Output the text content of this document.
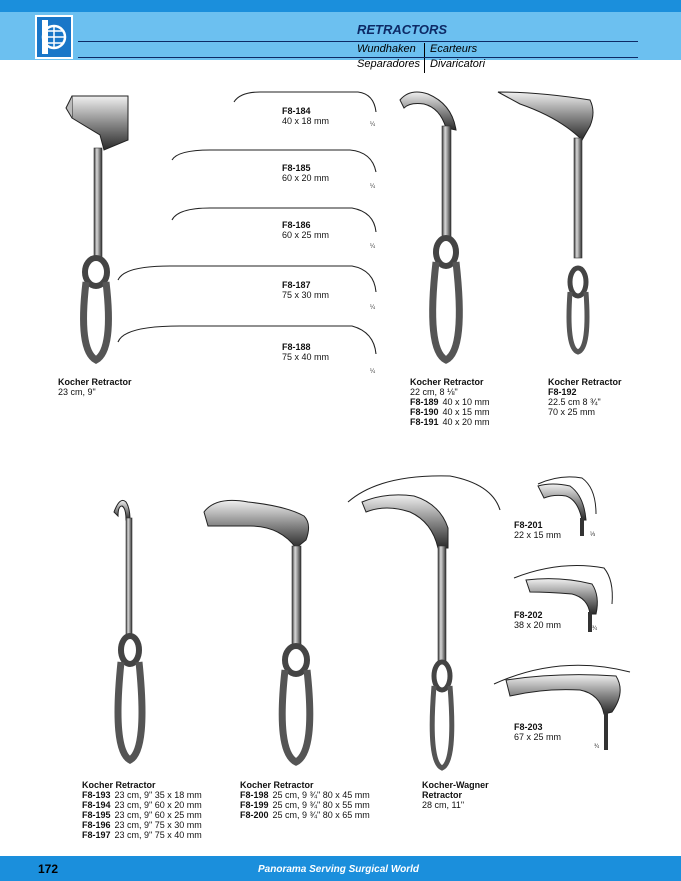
RETRACTORS
Wundhaken Ecarteurs
Separadores Divaricatori
F8-184
40 x 18 mm	¼
F8-185
60 x 20 mm
¼
F8-186
60 x 25 mm
¼
F8-187
75 x 30 mm
¼
F8-188
75 x 40 mm
¼
Kocher Retractor
23 cm, 9"
Kocher Retractor
22 cm, 8 ⅛"
F8-189 40 x 10 mm
F8-190 40 x 15 mm
F8-191 40 x 20 mm
Kocher Retractor
F8-192
22.5 cm 8 ¾"
70 x 25 mm
Kocher Retractor
F8-193 23 cm, 9" 35 x 18 mm
F8-194 23 cm, 9" 60 x 20 mm
F8-195 23 cm, 9" 60 x 25 mm
F8-196 23 cm, 9" 75 x 30 mm
F8-197 23 cm, 9" 75 x 40 mm
Kocher Retractor
F8-198 25 cm, 9 ¾" 80 x 45 mm
F8-199 25 cm, 9 ¾" 80 x 55 mm
F8-200 25 cm, 9 ¾" 80 x 65 mm
Kocher-Wagner
Retractor
28 cm, 11"
F8-201
22 x 15 mm	⅓
F8-202
38 x 20 mm	¾
F8-203
67 x 25 mm
¾
172	Panorama Serving Surgical World
